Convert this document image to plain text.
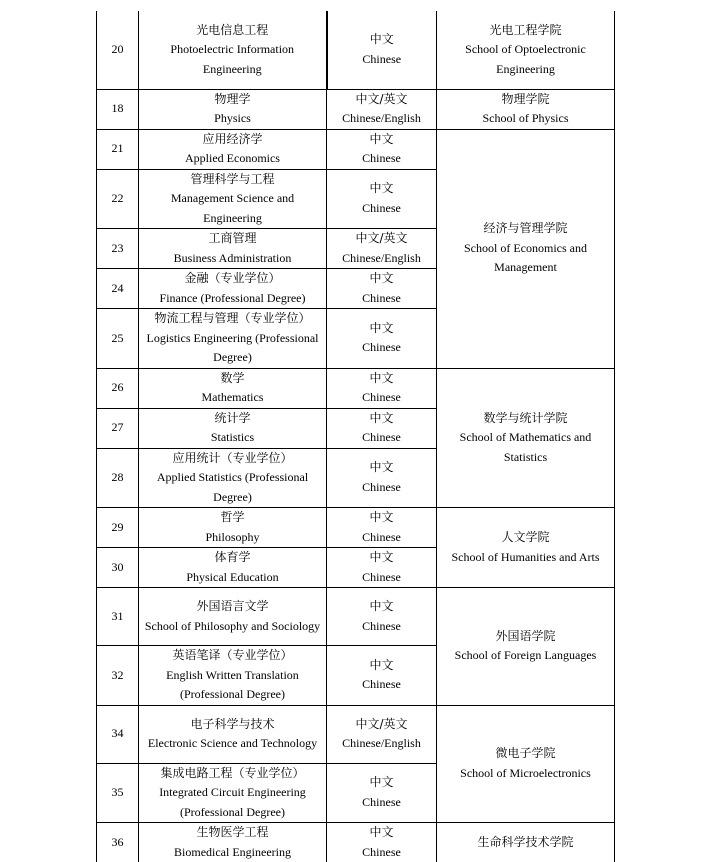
20	光电信息工程
Photoelectric Information Engineering	中文
Chinese	光电工程学院
School of Optoelectronic Engineering

18	物理学
Physics	中文/英文
Chinese/English	物理学院
School of Physics

21	应用经济学
Applied Economics	中文
Chinese	经济与管理学院
School of Economics and Management

22	管理科学与工程
Management Science and Engineering	中文
Chinese	

23	工商管理
Business Administration	中文/英文
Chinese/English	

24	金融（专业学位）
Finance (Professional Degree)	中文
Chinese	

25	物流工程与管理（专业学位）
Logistics Engineering (Professional Degree)	中文
Chinese	

26	数学
Mathematics	中文
Chinese	数学与统计学院
School of Mathematics and Statistics

27	统计学
Statistics	中文
Chinese	

28	应用统计（专业学位）
Applied Statistics (Professional Degree)	中文
Chinese	

29	哲学
Philosophy	中文
Chinese	人文学院
School of Humanities and Arts

30	体育学
Physical Education	中文
Chinese	

31	外国语言文学
School of Philosophy and Sociology	中文
Chinese	外国语学院
School of Foreign Languages

32	英语笔译（专业学位）
English Written Translation (Professional Degree)	中文
Chinese	

34	电子科学与技术
Electronic Science and Technology	中文/英文
Chinese/English	微电子学院
School of Microelectronics

35	集成电路工程（专业学位）
Integrated Circuit Engineering (Professional Degree)	中文
Chinese	

36	生物医学工程
Biomedical Engineering	中文
Chinese	生命科学技术学院
